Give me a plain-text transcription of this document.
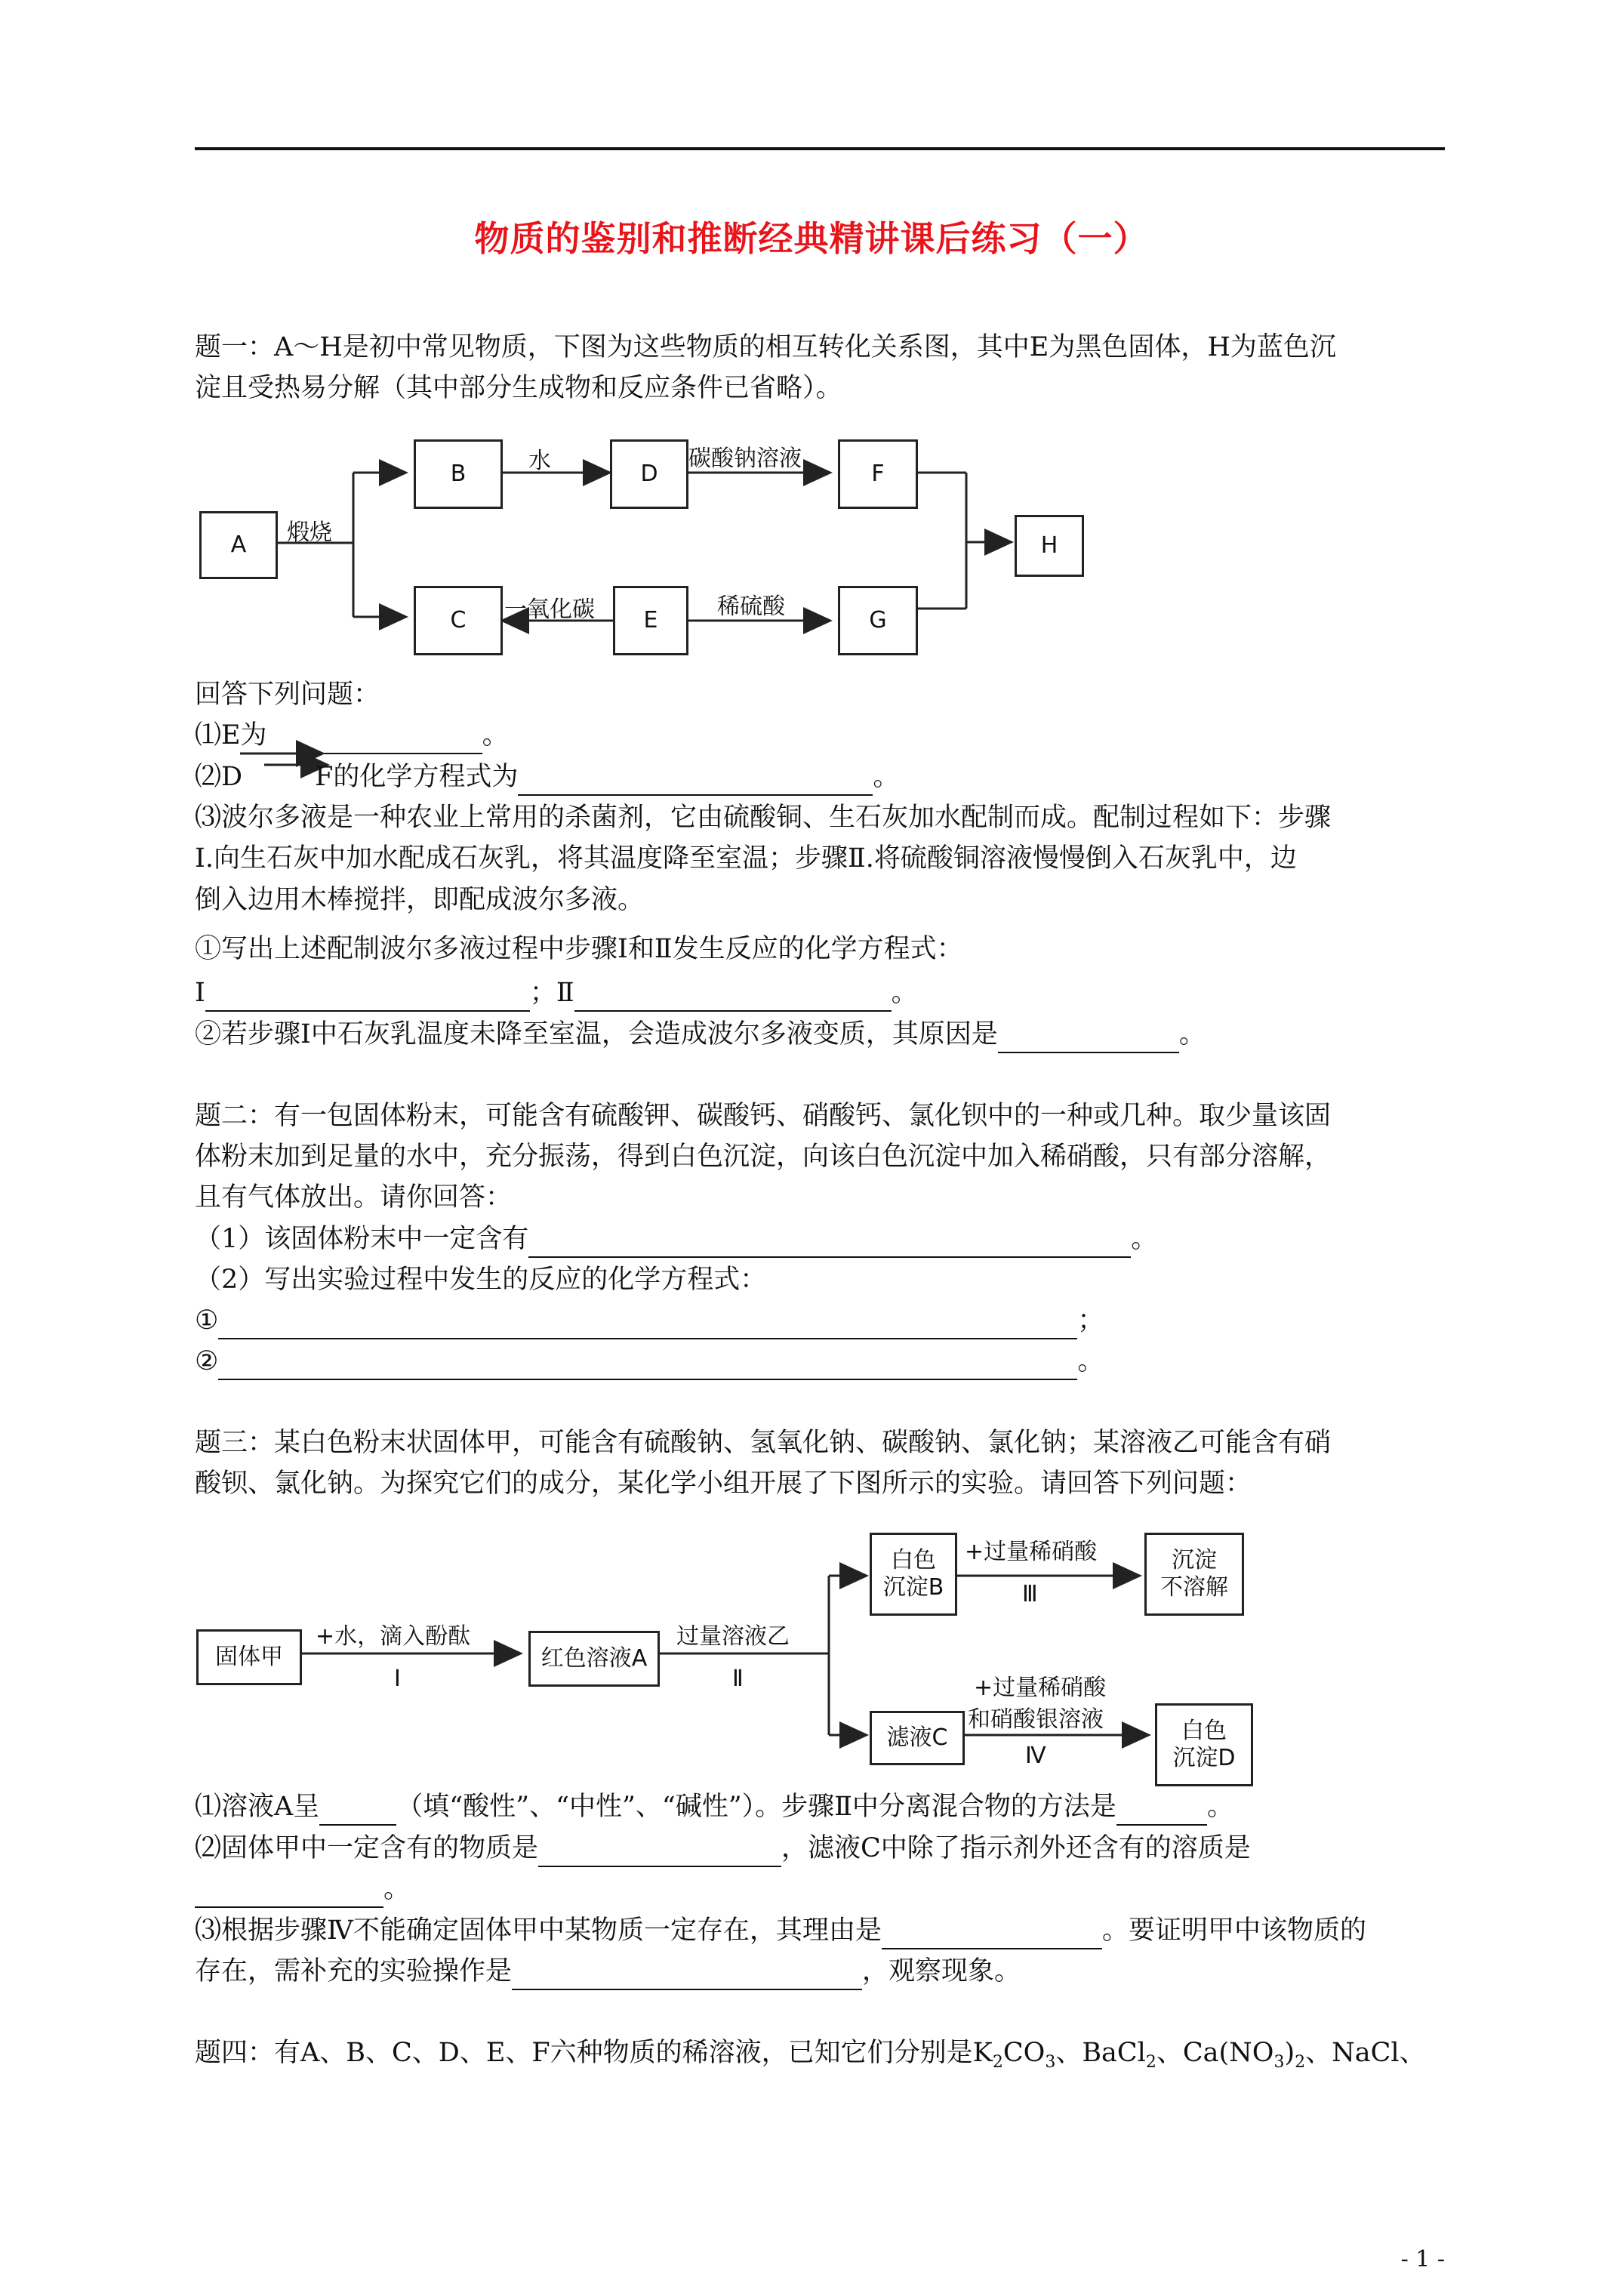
物质的鉴别和推断经典精讲课后练习（一）
题一：A～H是初中常见物质，下图为这些物质的相互转化关系图，其中E为黑色固体，H为蓝色沉
淀且受热易分解（其中部分生成物和反应条件已省略）。
A
B	D	F
H
C	E	G
煅烧
水	碳酸钠溶液
一氧化碳	稀硫酸
回答下列问题：
⑴E为	。
⑵D	F的化学方程式为	。
⑶波尔多液是一种农业上常用的杀菌剂，它由硫酸铜、生石灰加水配制而成。配制过程如下：步骤
Ⅰ.向生石灰中加水配成石灰乳，将其温度降至室温；步骤Ⅱ.将硫酸铜溶液慢慢倒入石灰乳中，边
倒入边用木棒搅拌，即配成波尔多液。
①写出上述配制波尔多液过程中步骤Ⅰ和Ⅱ发生反应的化学方程式：
Ⅰ	；Ⅱ	。
②若步骤Ⅰ中石灰乳温度未降至室温，会造成波尔多液变质，其原因是	。
题二：有一包固体粉末，可能含有硫酸钾、碳酸钙、硝酸钙、氯化钡中的一种或几种。取少量该固
体粉末加到足量的水中，充分振荡，得到白色沉淀，向该白色沉淀中加入稀硝酸，只有部分溶解，
且有气体放出。请你回答：
（1）该固体粉末中一定含有	。
（2）写出实验过程中发生的反应的化学方程式：
①	；
②	。
题三：某白色粉末状固体甲，可能含有硫酸钠、氢氧化钠、碳酸钠、氯化钠；某溶液乙可能含有硝
酸钡、氯化钠。为探究它们的成分，某化学小组开展了下图所示的实验。请回答下列问题：
固体甲	红色溶液A
白色
沉淀B
沉淀
不溶解
滤液C	白色
沉淀D
+水，滴入酚酞
Ⅰ
过量溶液乙
Ⅱ
+过量稀硝酸
Ⅲ
+过量稀硝酸
和硝酸银溶液
Ⅳ
⑴溶液A呈	（填“酸性”、“中性”、“碱性”）。步骤Ⅱ中分离混合物的方法是	。
⑵固体甲中一定含有的物质是	，滤液C中除了指示剂外还含有的溶质是
。
⑶根据步骤Ⅳ不能确定固体甲中某物质一定存在，其理由是	。要证明甲中该物质的
存在，需补充的实验操作是	，观察现象。
题四：有A、B、C、D、E、F六种物质的稀溶液，已知它们分别是$K_2CO_3$、BaCl$_2$、$Ca(NO_3)_2$、NaCl、
- 1 -
